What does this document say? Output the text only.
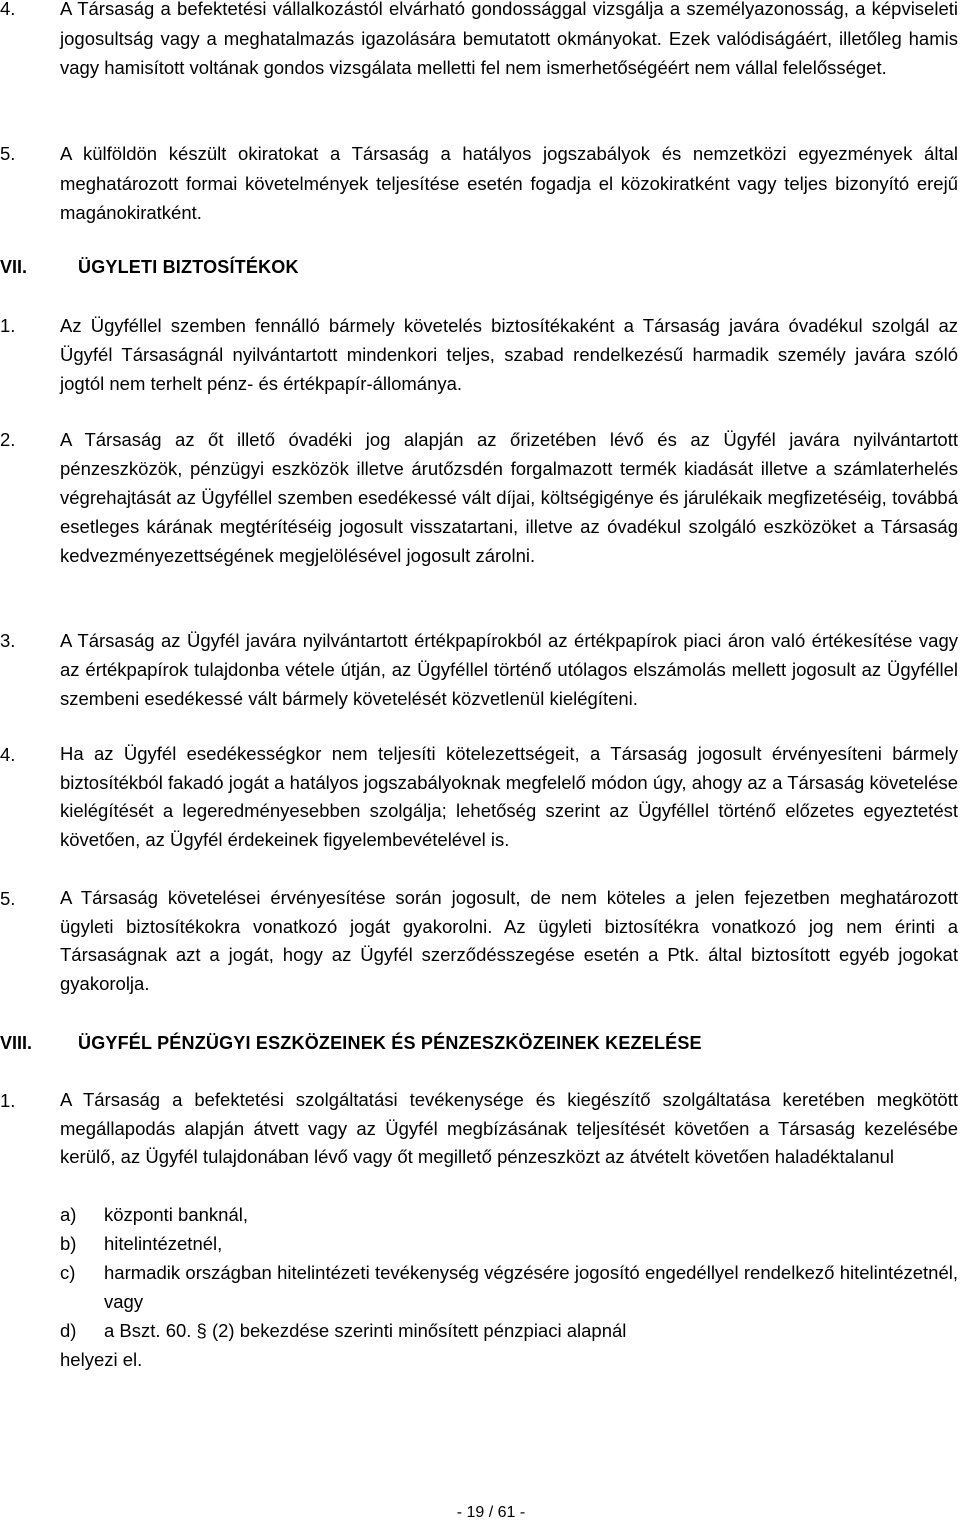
4. A Társaság a befektetési vállalkozástól elvárható gondossággal vizsgálja a személyazonosság, a képviseleti jogosultság vagy a meghatalmazás igazolására bemutatott okmányokat. Ezek valódiságáért, illetőleg hamis vagy hamisított voltának gondos vizsgálata melletti fel nem ismerhetőségéért nem vállal felelősséget.
5. A külföldön készült okiratokat a Társaság a hatályos jogszabályok és nemzetközi egyezmények által meghatározott formai követelmények teljesítése esetén fogadja el közokiratként vagy teljes bizonyító erejű magánokiratként.
VII.	ÜGYLETI BIZTOSÍTÉKOK
1. Az Ügyféllel szemben fennálló bármely követelés biztosítékaként a Társaság javára óvadékul szolgál az Ügyfél Társaságnál nyilvántartott mindenkori teljes, szabad rendelkezésű harmadik személy javára szóló jogtól nem terhelt pénz- és értékpapír-állománya.
2. A Társaság az őt illető óvadéki jog alapján az őrizetében lévő és az Ügyfél javára nyilvántartott pénzeszközök, pénzügyi eszközök illetve árutőzsdén forgalmazott termék kiadását illetve a számlaterhelés végrehajtását az Ügyféllel szemben esedékessé vált díjai, költségigénye és járulékaik megfizetéséig, továbbá esetleges kárának megtérítéséig jogosult visszatartani, illetve az óvadékul szolgáló eszközöket a Társaság kedvezményezettségének megjelölésével jogosult zárolni.
3. A Társaság az Ügyfél javára nyilvántartott értékpapírokból az értékpapírok piaci áron való értékesítése vagy az értékpapírok tulajdonba vétele útján, az Ügyféllel történő utólagos elszámolás mellett jogosult az Ügyféllel szembeni esedékessé vált bármely követelését közvetlenül kielégíteni.
4. Ha az Ügyfél esedékességkor nem teljesíti kötelezettségeit, a Társaság jogosult érvényesíteni bármely biztosítékból fakadó jogát a hatályos jogszabályoknak megfelelő módon úgy, ahogy az a Társaság követelése kielégítését a legeredményesebben szolgálja; lehetőség szerint az Ügyféllel történő előzetes egyeztetést követően, az Ügyfél érdekeinek figyelembevételével is.
5. A Társaság követelései érvényesítése során jogosult, de nem köteles a jelen fejezetben meghatározott ügyleti biztosítékokra vonatkozó jogát gyakorolni. Az ügyleti biztosítékra vonatkozó jog nem érinti a Társaságnak azt a jogát, hogy az Ügyfél szerződésszegése esetén a Ptk. által biztosított egyéb jogokat gyakorolja.
VIII.	ÜGYFÉL PÉNZÜGYI ESZKÖZEINEK ÉS PÉNZESZKÖZEINEK KEZELÉSE
1. A Társaság a befektetési szolgáltatási tevékenysége és kiegészítő szolgáltatása keretében megkötött megállapodás alapján átvett vagy az Ügyfél megbízásának teljesítését követően a Társaság kezelésébe kerülő, az Ügyfél tulajdonában lévő vagy őt megillető pénzeszközt az átvételt követően haladéktalanul
a) központi banknál,
b) hitelintézetnél,
c) harmadik országban hitelintézeti tevékenység végzésére jogosító engedéllyel rendelkező hitelintézetnél, vagy
d) a Bszt. 60. § (2) bekezdése szerinti minősített pénzpiaci alapnál
helyezi el.
- 19 / 61 -
